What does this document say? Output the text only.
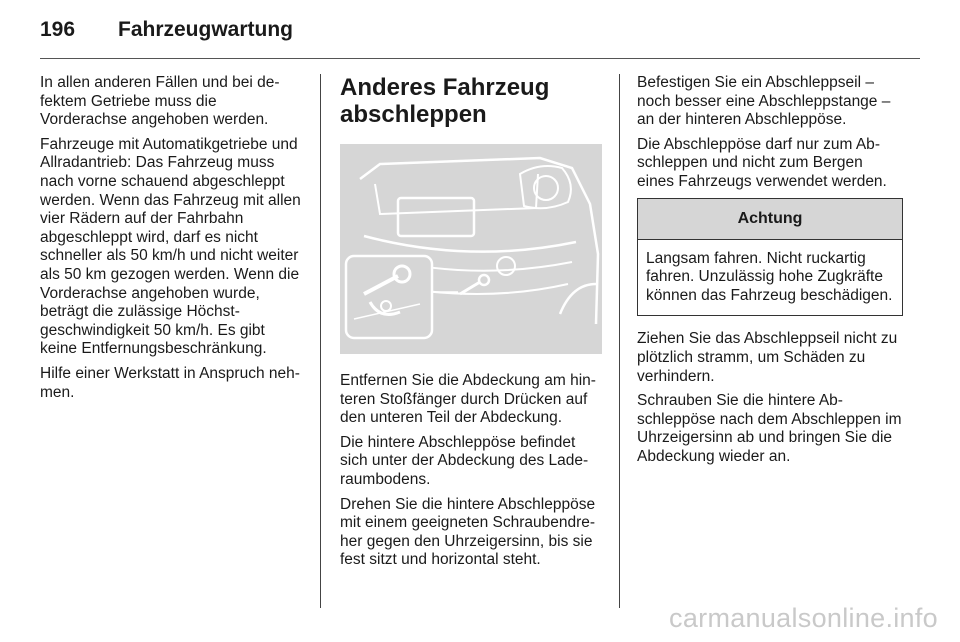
196	Fahrzeugwartung

In allen anderen Fällen und bei defektem Getriebe muss die Vorderachse angehoben werden.

Fahrzeuge mit Automatikgetriebe und Allradantrieb: Das Fahrzeug muss nach vorne schauend abgeschleppt werden. Wenn das Fahrzeug mit allen vier Rädern auf der Fahrbahn abgeschleppt wird, darf es nicht schneller als 50 km/h und nicht weiter als 50 km gezogen werden. Wenn die Vorderachse angehoben wurde, beträgt die zulässige Höchstgeschwindigkeit 50 km/h. Es gibt keine Entfernungsbeschränkung.

Hilfe einer Werkstatt in Anspruch nehmen.

Anderes Fahrzeug abschleppen

Entfernen Sie die Abdeckung am hinteren Stoßfänger durch Drücken auf den unteren Teil der Abdeckung.

Die hintere Abschleppöse befindet sich unter der Abdeckung des Laderaumbodens.

Drehen Sie die hintere Abschleppöse mit einem geeigneten Schraubendreher gegen den Uhrzeigersinn, bis sie fest sitzt und horizontal steht.

Befestigen Sie ein Abschleppseil – noch besser eine Abschleppstange – an der hinteren Abschleppöse.

Die Abschleppöse darf nur zum Abschleppen und nicht zum Bergen eines Fahrzeugs verwendet werden.

Achtung
Langsam fahren. Nicht ruckartig fahren. Unzulässig hohe Zugkräfte können das Fahrzeug beschädigen.

Ziehen Sie das Abschleppseil nicht zu plötzlich stramm, um Schäden zu verhindern.

Schrauben Sie die hintere Abschleppöse nach dem Abschleppen im Uhrzeigersinn ab und bringen Sie die Abdeckung wieder an.

carmanualsonline.info
